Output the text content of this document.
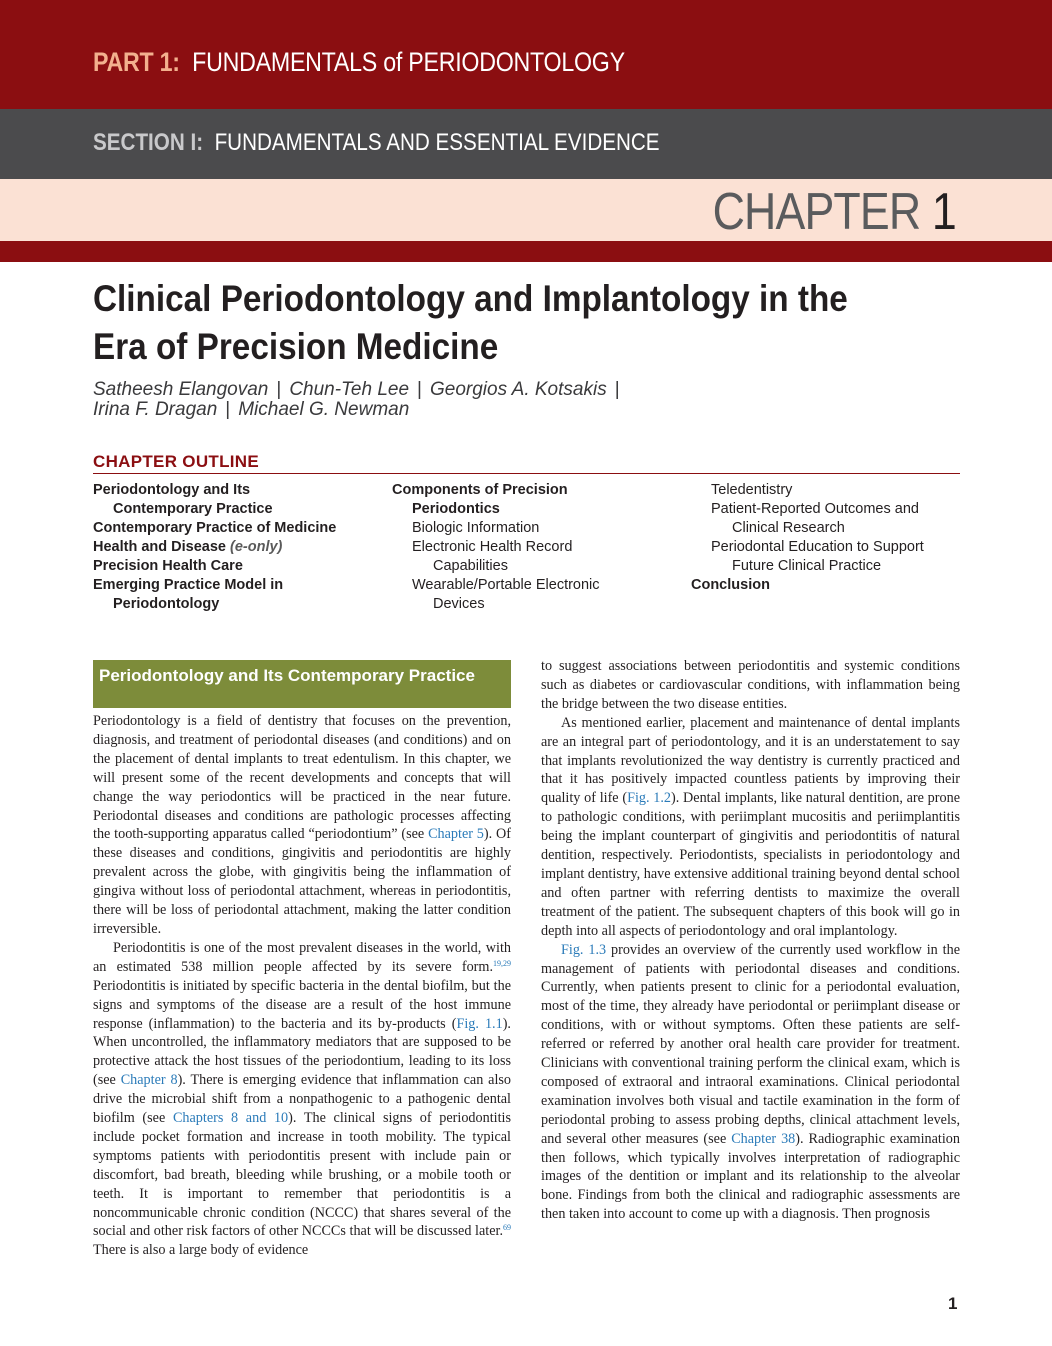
PART 1: FUNDAMENTALS of PERIODONTOLOGY
SECTION I: FUNDAMENTALS AND ESSENTIAL EVIDENCE
CHAPTER 1
Clinical Periodontology and Implantology in the Era of Precision Medicine
Satheesh Elangovan | Chun-Teh Lee | Georgios A. Kotsakis |
Irina F. Dragan | Michael G. Newman
CHAPTER OUTLINE
Periodontology and Its
Contemporary Practice
Contemporary Practice of Medicine
Health and Disease (e-only)
Precision Health Care
Emerging Practice Model in
Periodontology
Components of Precision
Periodontics
Biologic Information
Electronic Health Record
Capabilities
Wearable/Portable Electronic
Devices
Teledentistry
Patient-Reported Outcomes and
Clinical Research
Periodontal Education to Support
Future Clinical Practice
Conclusion
Periodontology and Its Contemporary Practice

Periodontology is a field of dentistry that focuses on the prevention, diagnosis, and treatment of periodontal diseases (and conditions) and on the placement of dental implants to treat edentulism. In this chapter, we will present some of the recent developments and concepts that will change the way periodontics will be practiced in the near future. Periodontal diseases and conditions are pathologic processes affecting the tooth-supporting apparatus called “periodontium” (see Chapter 5). Of these diseases and conditions, gingivitis and periodontitis are highly prevalent across the globe, with gingivitis being the inflammation of gingiva without loss of periodontal attachment, whereas in periodontitis, there will be loss of periodontal attachment, making the latter condition irreversible.

Periodontitis is one of the most prevalent diseases in the world, with an estimated 538 million people affected by its severe form.$^{19,29}$ Periodontitis is initiated by specific bacteria in the dental biofilm, but the signs and symptoms of the disease are a result of the host immune response (inflammation) to the bacteria and its by-products (Fig. 1.1). When uncontrolled, the inflammatory mediators that are supposed to be protective attack the host tissues of the periodontium, leading to its loss (see Chapter 8). There is emerging evidence that inflammation can also drive the microbial shift from a nonpathogenic to a pathogenic dental biofilm (see Chapters 8 and 10). The clinical signs of periodontitis include pocket formation and increase in tooth mobility. The typical symptoms patients with periodontitis present with include pain or discomfort, bad breath, bleeding while brushing, or a mobile tooth or teeth. It is important to remember that periodontitis is a noncommunicable chronic condition (NCCC) that shares several of the social and other risk factors of other NCCCs that will be discussed later.$^{69}$ There is also a large body of evidence

to suggest associations between periodontitis and systemic conditions such as diabetes or cardiovascular conditions, with inflammation being the bridge between the two disease entities.

As mentioned earlier, placement and maintenance of dental implants are an integral part of periodontology, and it is an understatement to say that implants revolutionized the way dentistry is currently practiced and that it has positively impacted countless patients by improving their quality of life (Fig. 1.2). Dental implants, like natural dentition, are prone to pathologic conditions, with periimplant mucositis and periimplantitis being the implant counterpart of gingivitis and periodontitis of natural dentition, respectively. Periodontists, specialists in periodontology and implant dentistry, have extensive additional training beyond dental school and often partner with referring dentists to maximize the overall treatment of the patient. The subsequent chapters of this book will go in depth into all aspects of periodontology and oral implantology.

Fig. 1.3 provides an overview of the currently used workflow in the management of patients with periodontal diseases and conditions. Currently, when patients present to clinic for a periodontal evaluation, most of the time, they already have periodontal or periimplant disease or conditions, with or without symptoms. Often these patients are self-referred or referred by another oral health care provider for treatment. Clinicians with conventional training perform the clinical exam, which is composed of extraoral and intraoral examinations. Clinical periodontal examination involves both visual and tactile examination in the form of periodontal probing to assess probing depths, clinical attachment levels, and several other measures (see Chapter 38). Radiographic examination then follows, which typically involves interpretation of radiographic images of the dentition or implant and its relationship to the alveolar bone. Findings from both the clinical and radiographic assessments are then taken into account to come up with a diagnosis. Then prognosis

1
